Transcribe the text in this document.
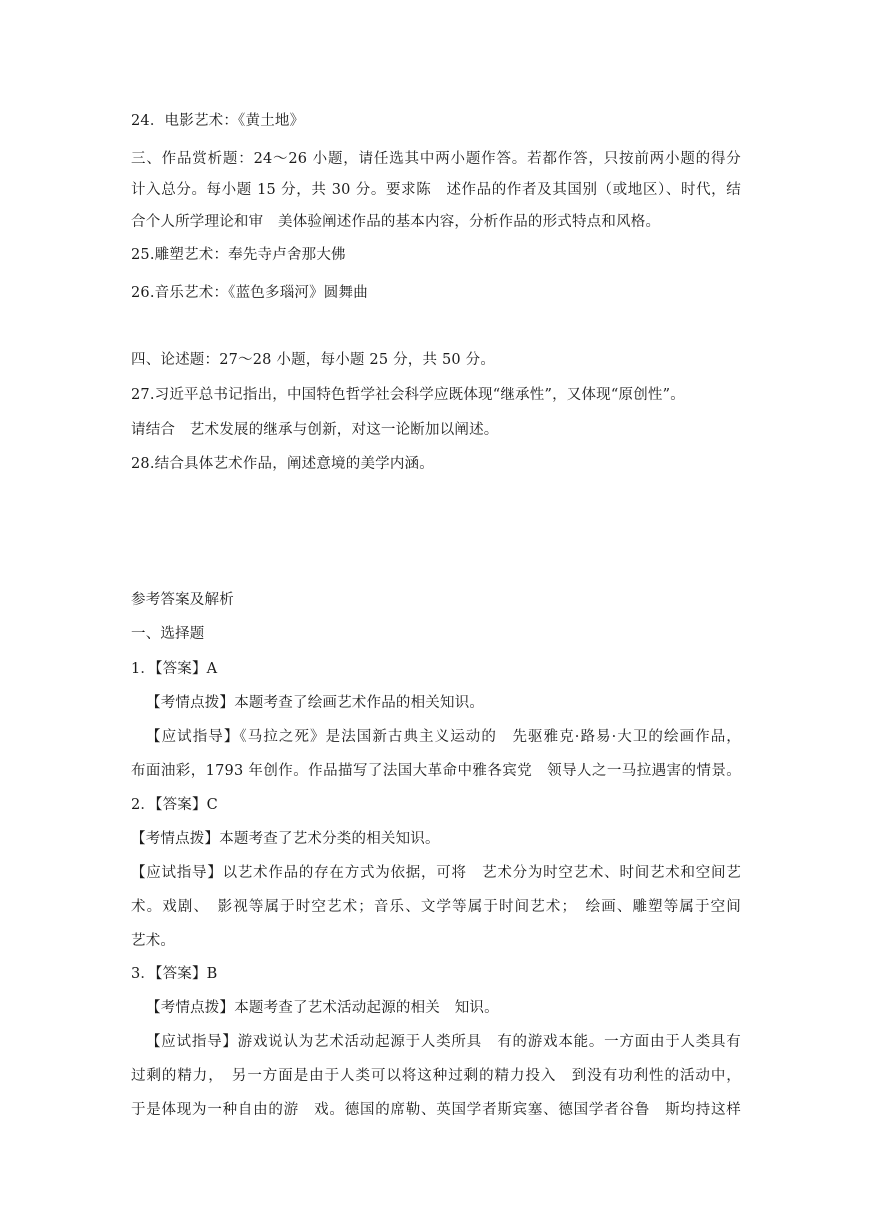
24．电影艺术：《黄土地》
三、作品赏析题：24～26 小题，请任选其中两小题作答。若都作答，只按前两小题的得分
计入总分。每小题 15 分，共 30 分。要求陈　述作品的作者及其国别（或地区）、时代，结
合个人所学理论和审　美体验阐述作品的基本内容，分析作品的形式特点和风格。
25.雕塑艺术：奉先寺卢舍那大佛
26.音乐艺术：《蓝色多瑙河》圆舞曲
四、论述题：27～28 小题，每小题 25 分，共 50 分。
27.习近平总书记指出，中国特色哲学社会科学应既体现“继承性”，又体现“原创性”。
请结合　艺术发展的继承与创新，对这一论断加以阐述。
28.结合具体艺术作品，阐述意境的美学内涵。
参考答案及解析
一、选择题
1．【答案】A
【考情点拨】本题考查了绘画艺术作品的相关知识。
【应试指导】《马拉之死》是法国新古典主义运动的　先驱雅克·路易·大卫的绘画作品，
布面油彩，1793 年创作。作品描写了法国大革命中雅各宾党　领导人之一马拉遇害的情景。
2．【答案】C
【考情点拨】本题考查了艺术分类的相关知识。
【应试指导】以艺术作品的存在方式为依据，可将　艺术分为时空艺术、时间艺术和空间艺
术。戏剧、　影视等属于时空艺术；音乐、文学等属于时间艺术；　绘画、雕塑等属于空间
艺术。
3．【答案】B
【考情点拨】本题考查了艺术活动起源的相关　知识。
【应试指导】游戏说认为艺术活动起源于人类所具　有的游戏本能。一方面由于人类具有
过剩的精力，　另一方面是由于人类可以将这种过剩的精力投入　到没有功利性的活动中，
于是体现为一种自由的游　戏。德国的席勒、英国学者斯宾塞、德国学者谷鲁　斯均持这样
